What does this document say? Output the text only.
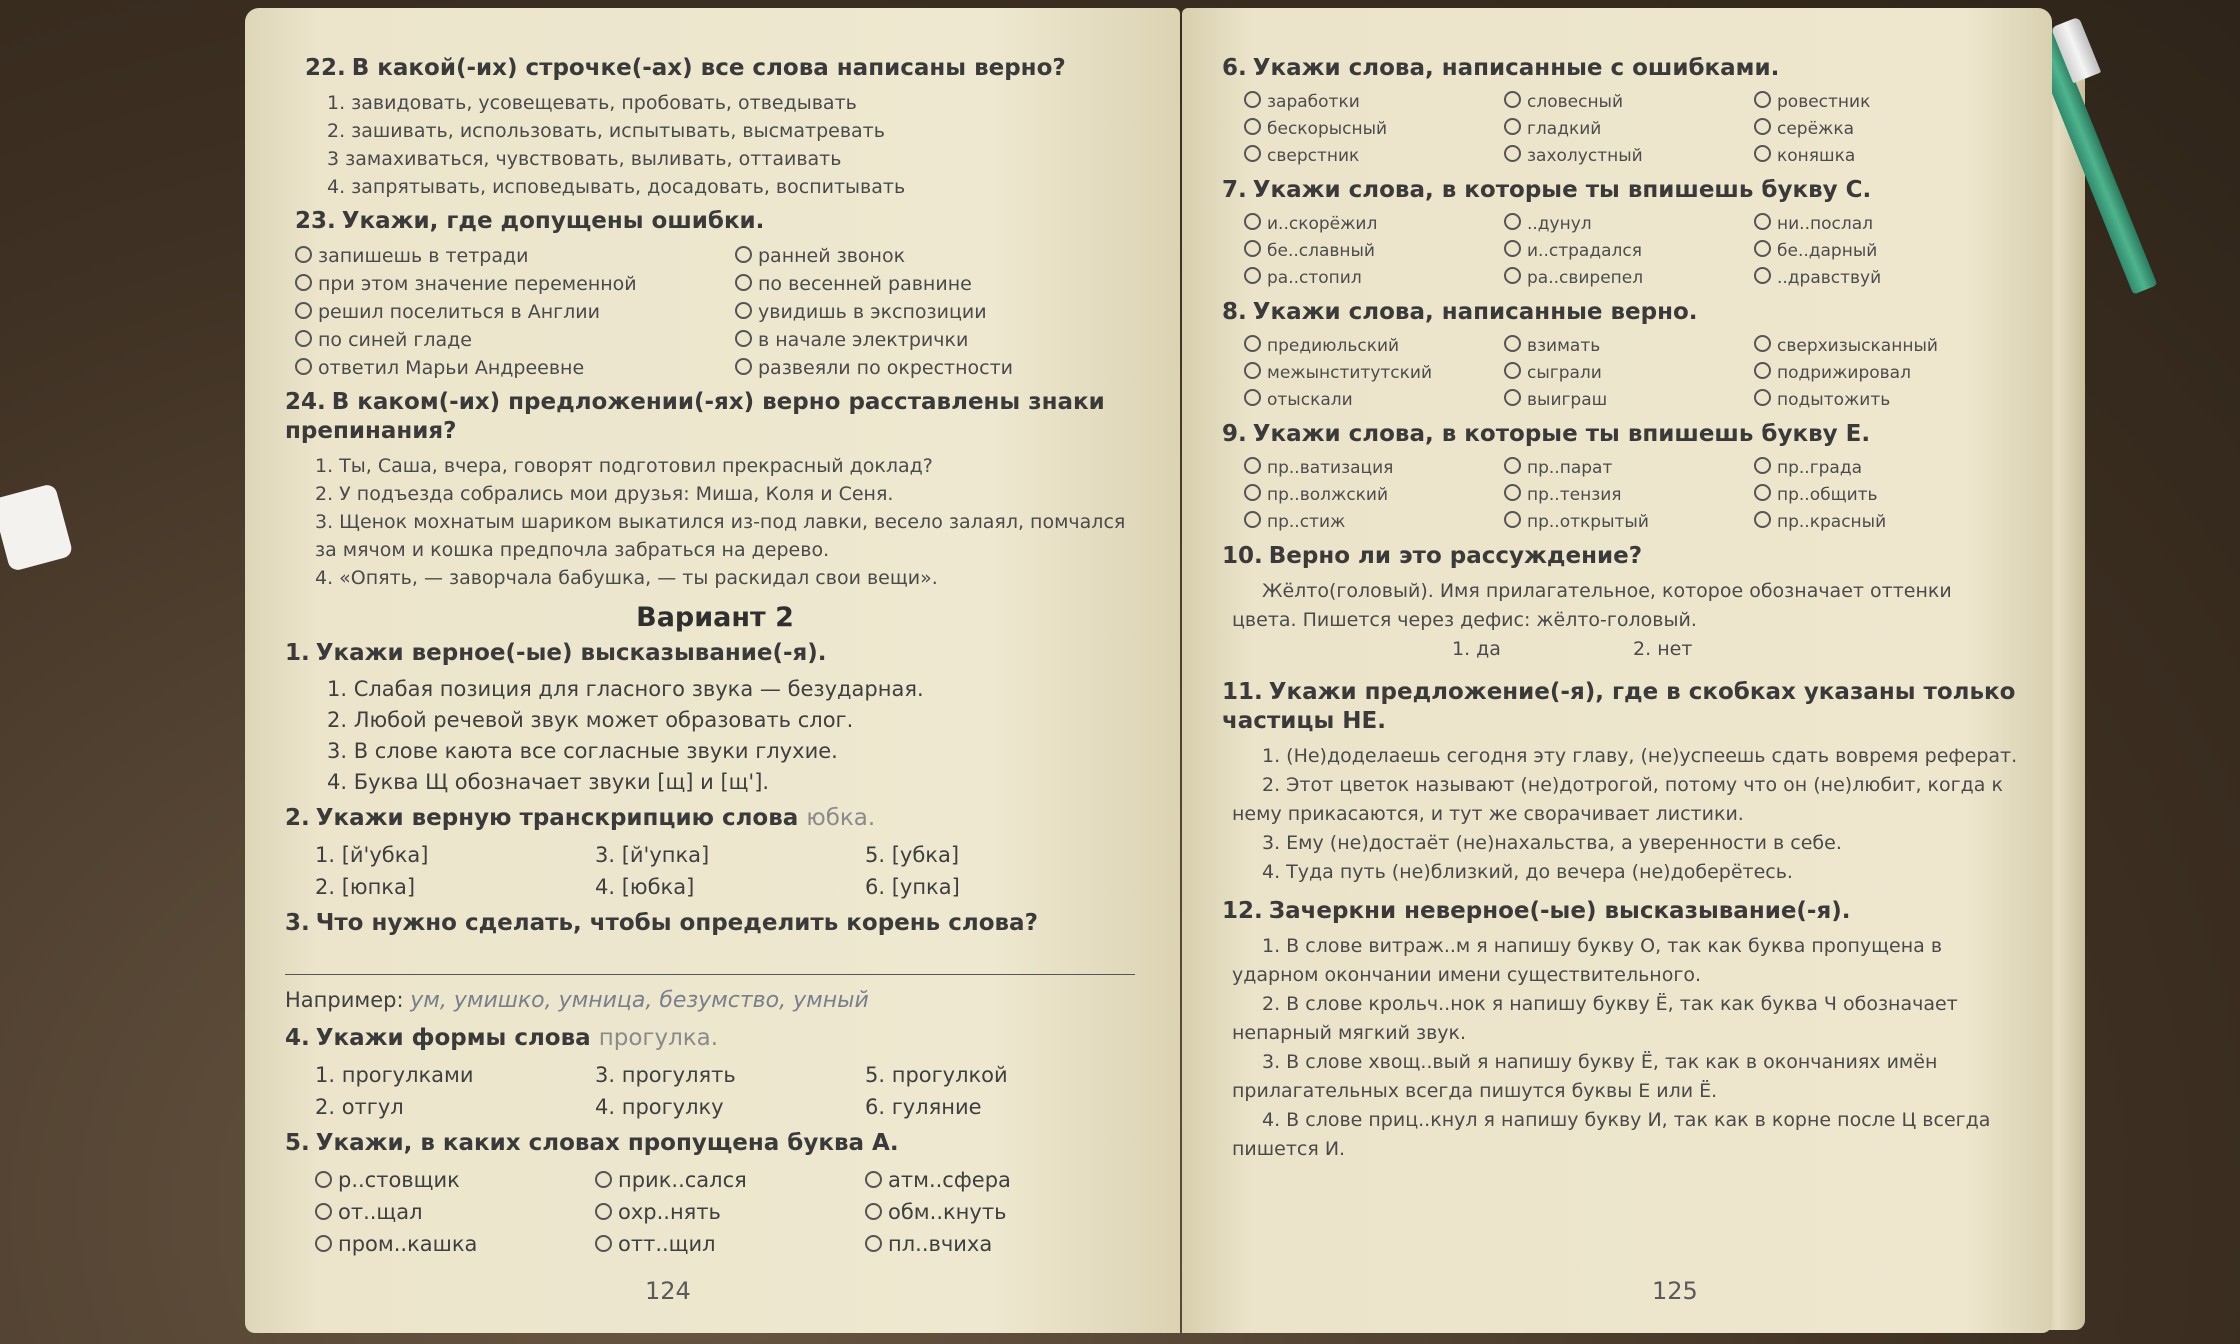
22. В какой(-их) строчке(-ах) все слова написаны верно?
1. завидовать, усовещевать, пробовать, отведывать
2. зашивать, использовать, испытывать, высматревать
3 замахиваться, чувствовать, выливать, оттаивать
4. запрятывать, исповедывать, досадовать, воспитывать
23. Укажи, где допущены ошибки.
запишешь в тетради	ранней звонок
при этом значение переменной	по весенней равнине
решил поселиться в Англии	увидишь в экспозиции
по синей гладе	в начале электрички
ответил Марьи Андреевне	развеяли по окрестности
24. В каком(-их) предложении(-ях) верно расставлены знаки препинания?
1. Ты, Саша, вчера, говорят подготовил прекрасный доклад?
2. У подъезда собрались мои друзья: Миша, Коля и Сеня.
3. Щенок мохнатым шариком выкатился из-под лавки, весело залаял, помчался за мячом и кошка предпочла забраться на дерево.
4. «Опять, — заворчала бабушка, — ты раскидал свои вещи».
Вариант 2
1. Укажи верное(-ые) высказывание(-я).
1. Слабая позиция для гласного звука — безударная.
2. Любой речевой звук может образовать слог.
3. В слове каюта все согласные звуки глухие.
4. Буква Щ обозначает звуки [щ] и [щ'].
2. Укажи верную транскрипцию слова юбка.
1. [й'убка]	3. [й'упка]	5. [убка]
2. [юпка]	4. [юбка]	6. [упка]
3. Что нужно сделать, чтобы определить корень слова?
Например: ум, умишко, умница, безумство, умный
4. Укажи формы слова прогулка.
1. прогулками	3. прогулять	5. прогулкой
2. отгул	4. прогулку	6. гуляние
5. Укажи, в каких словах пропущена буква А.
р..стовщик	прик..сался	атм..сфера
от..щал	охр..нять	обм..кнуть
пром..кашка	отт..щил	пл..вчиха
124
6. Укажи слова, написанные с ошибками.
заработки	словесный	ровестник
бескорысный	гладкий	серёжка
сверстник	захолустный	коняшка
7. Укажи слова, в которые ты впишешь букву С.
и..скорёжил	..дунул	ни..послал
бе..славный	и..страдался	бе..дарный
ра..стопил	ра..свирепел	..дравствуй
8. Укажи слова, написанные верно.
предиюльский	взимать	сверхизысканный
межынститутский	сыграли	подрижировал
отыскали	выиграш	подытожить
9. Укажи слова, в которые ты впишешь букву Е.
пр..ватизация	пр..парат	пр..града
пр..волжский	пр..тензия	пр..общить
пр..стиж	пр..открытый	пр..красный
10. Верно ли это рассуждение?
Жёлто(головый). Имя прилагательное, которое обозначает оттенки цвета. Пишется через дефис: жёлто-головый.
1. да	2. нет
11. Укажи предложение(-я), где в скобках указаны только частицы НЕ.
1. (Не)доделаешь сегодня эту главу, (не)успеешь сдать вовремя реферат.
2. Этот цветок называют (не)дотрогой, потому что он (не)любит, когда к нему прикасаются, и тут же сворачивает листики.
3. Ему (не)достаёт (не)нахальства, а уверенности в себе.
4. Туда путь (не)близкий, до вечера (не)доберётесь.
12. Зачеркни неверное(-ые) высказывание(-я).
1. В слове витраж..м я напишу букву О, так как буква пропущена в ударном окончании имени существительного.
2. В слове крольч..нок я напишу букву Ё, так как буква Ч обозначает непарный мягкий звук.
3. В слове хвощ..вый я напишу букву Ё, так как в окончаниях имён прилагательных всегда пишутся буквы Е или Ё.
4. В слове приц..кнул я напишу букву И, так как в корне после Ц всегда пишется И.
125
